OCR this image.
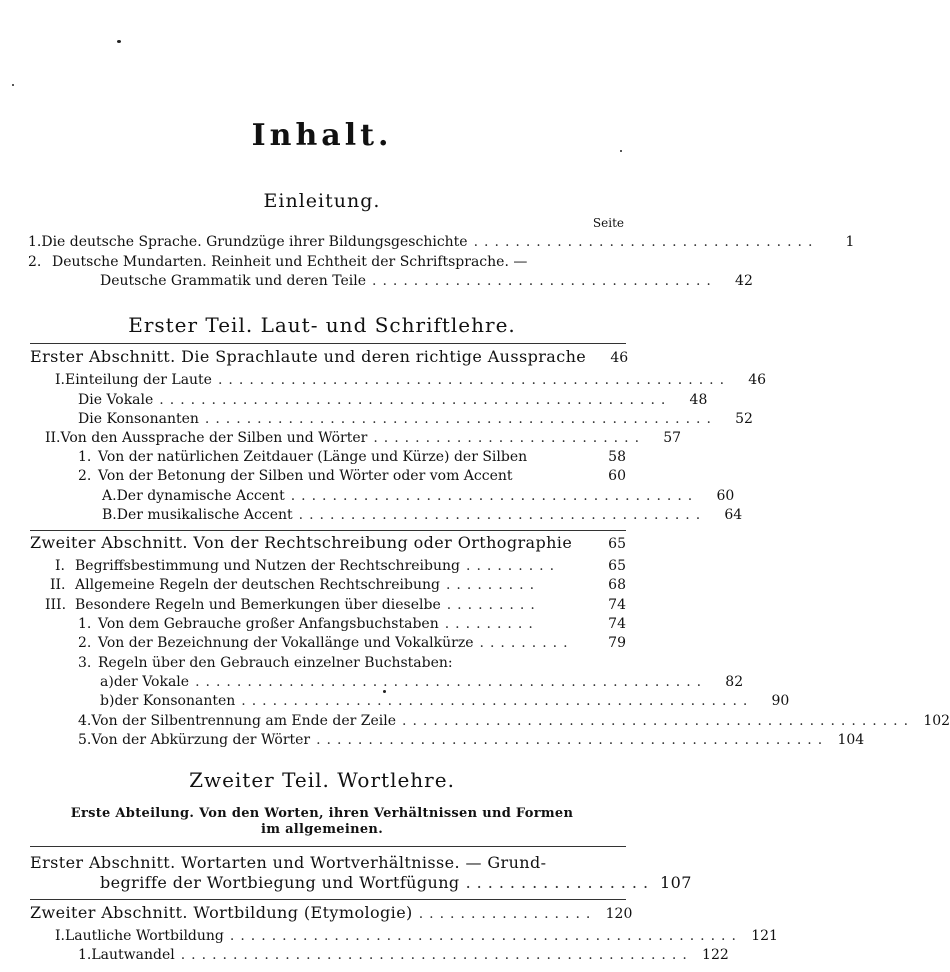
Inhalt.
Einleitung.
Seite
1. Die deutsche Sprache. Grundzüge ihrer Bildungsgeschichte .................................	1
2. Deutsche Mundarten. Reinheit und Echtheit der Schriftsprache. —
Deutsche Grammatik und deren Teile .................................	42
Erster Teil. Laut- und Schriftlehre.
Erster Abschnitt. Die Sprachlaute und deren richtige Aussprache	46
I. Einteilung der Laute .................................................	46
Die Vokale .................................................	48
Die Konsonanten .................................................	52
II. Von den Aussprache der Silben und Wörter ..........................	57
1. Von der natürlichen Zeitdauer (Länge und Kürze) der Silben	58
2. Von der Betonung der Silben und Wörter oder vom Accent	60
A. Der dynamische Accent .......................................	60
B. Der musikalische Accent .......................................	64
Zweiter Abschnitt. Von der Rechtschreibung oder Orthographie	65
I. Begriffsbestimmung und Nutzen der Rechtschreibung .........	65
II. Allgemeine Regeln der deutschen Rechtschreibung .........	68
III. Besondere Regeln und Bemerkungen über dieselbe .........	74
1. Von dem Gebrauche großer Anfangsbuchstaben .........	74
2. Von der Bezeichnung der Vokallänge und Vokalkürze .........	79
3. Regeln über den Gebrauch einzelner Buchstaben:
a) der Vokale .................................................	82
b) der Konsonanten .................................................	90
4. Von der Silbentrennung am Ende der Zeile ................................................. 102
5. Von der Abkürzung der Wörter ................................................. 104
Zweiter Teil. Wortlehre.
Erste Abteilung. Von den Worten, ihren Verhältnissen und Formen im allgemeinen.
Erster Abschnitt. Wortarten und Wortverhältnisse. — Grund-
begriffe der Wortbiegung und Wortfügung ................. 107
Zweiter Abschnitt. Wortbildung (Etymologie) ................. 120
I. Lautliche Wortbildung ................................................. 121
1. Lautwandel ................................................. 122
